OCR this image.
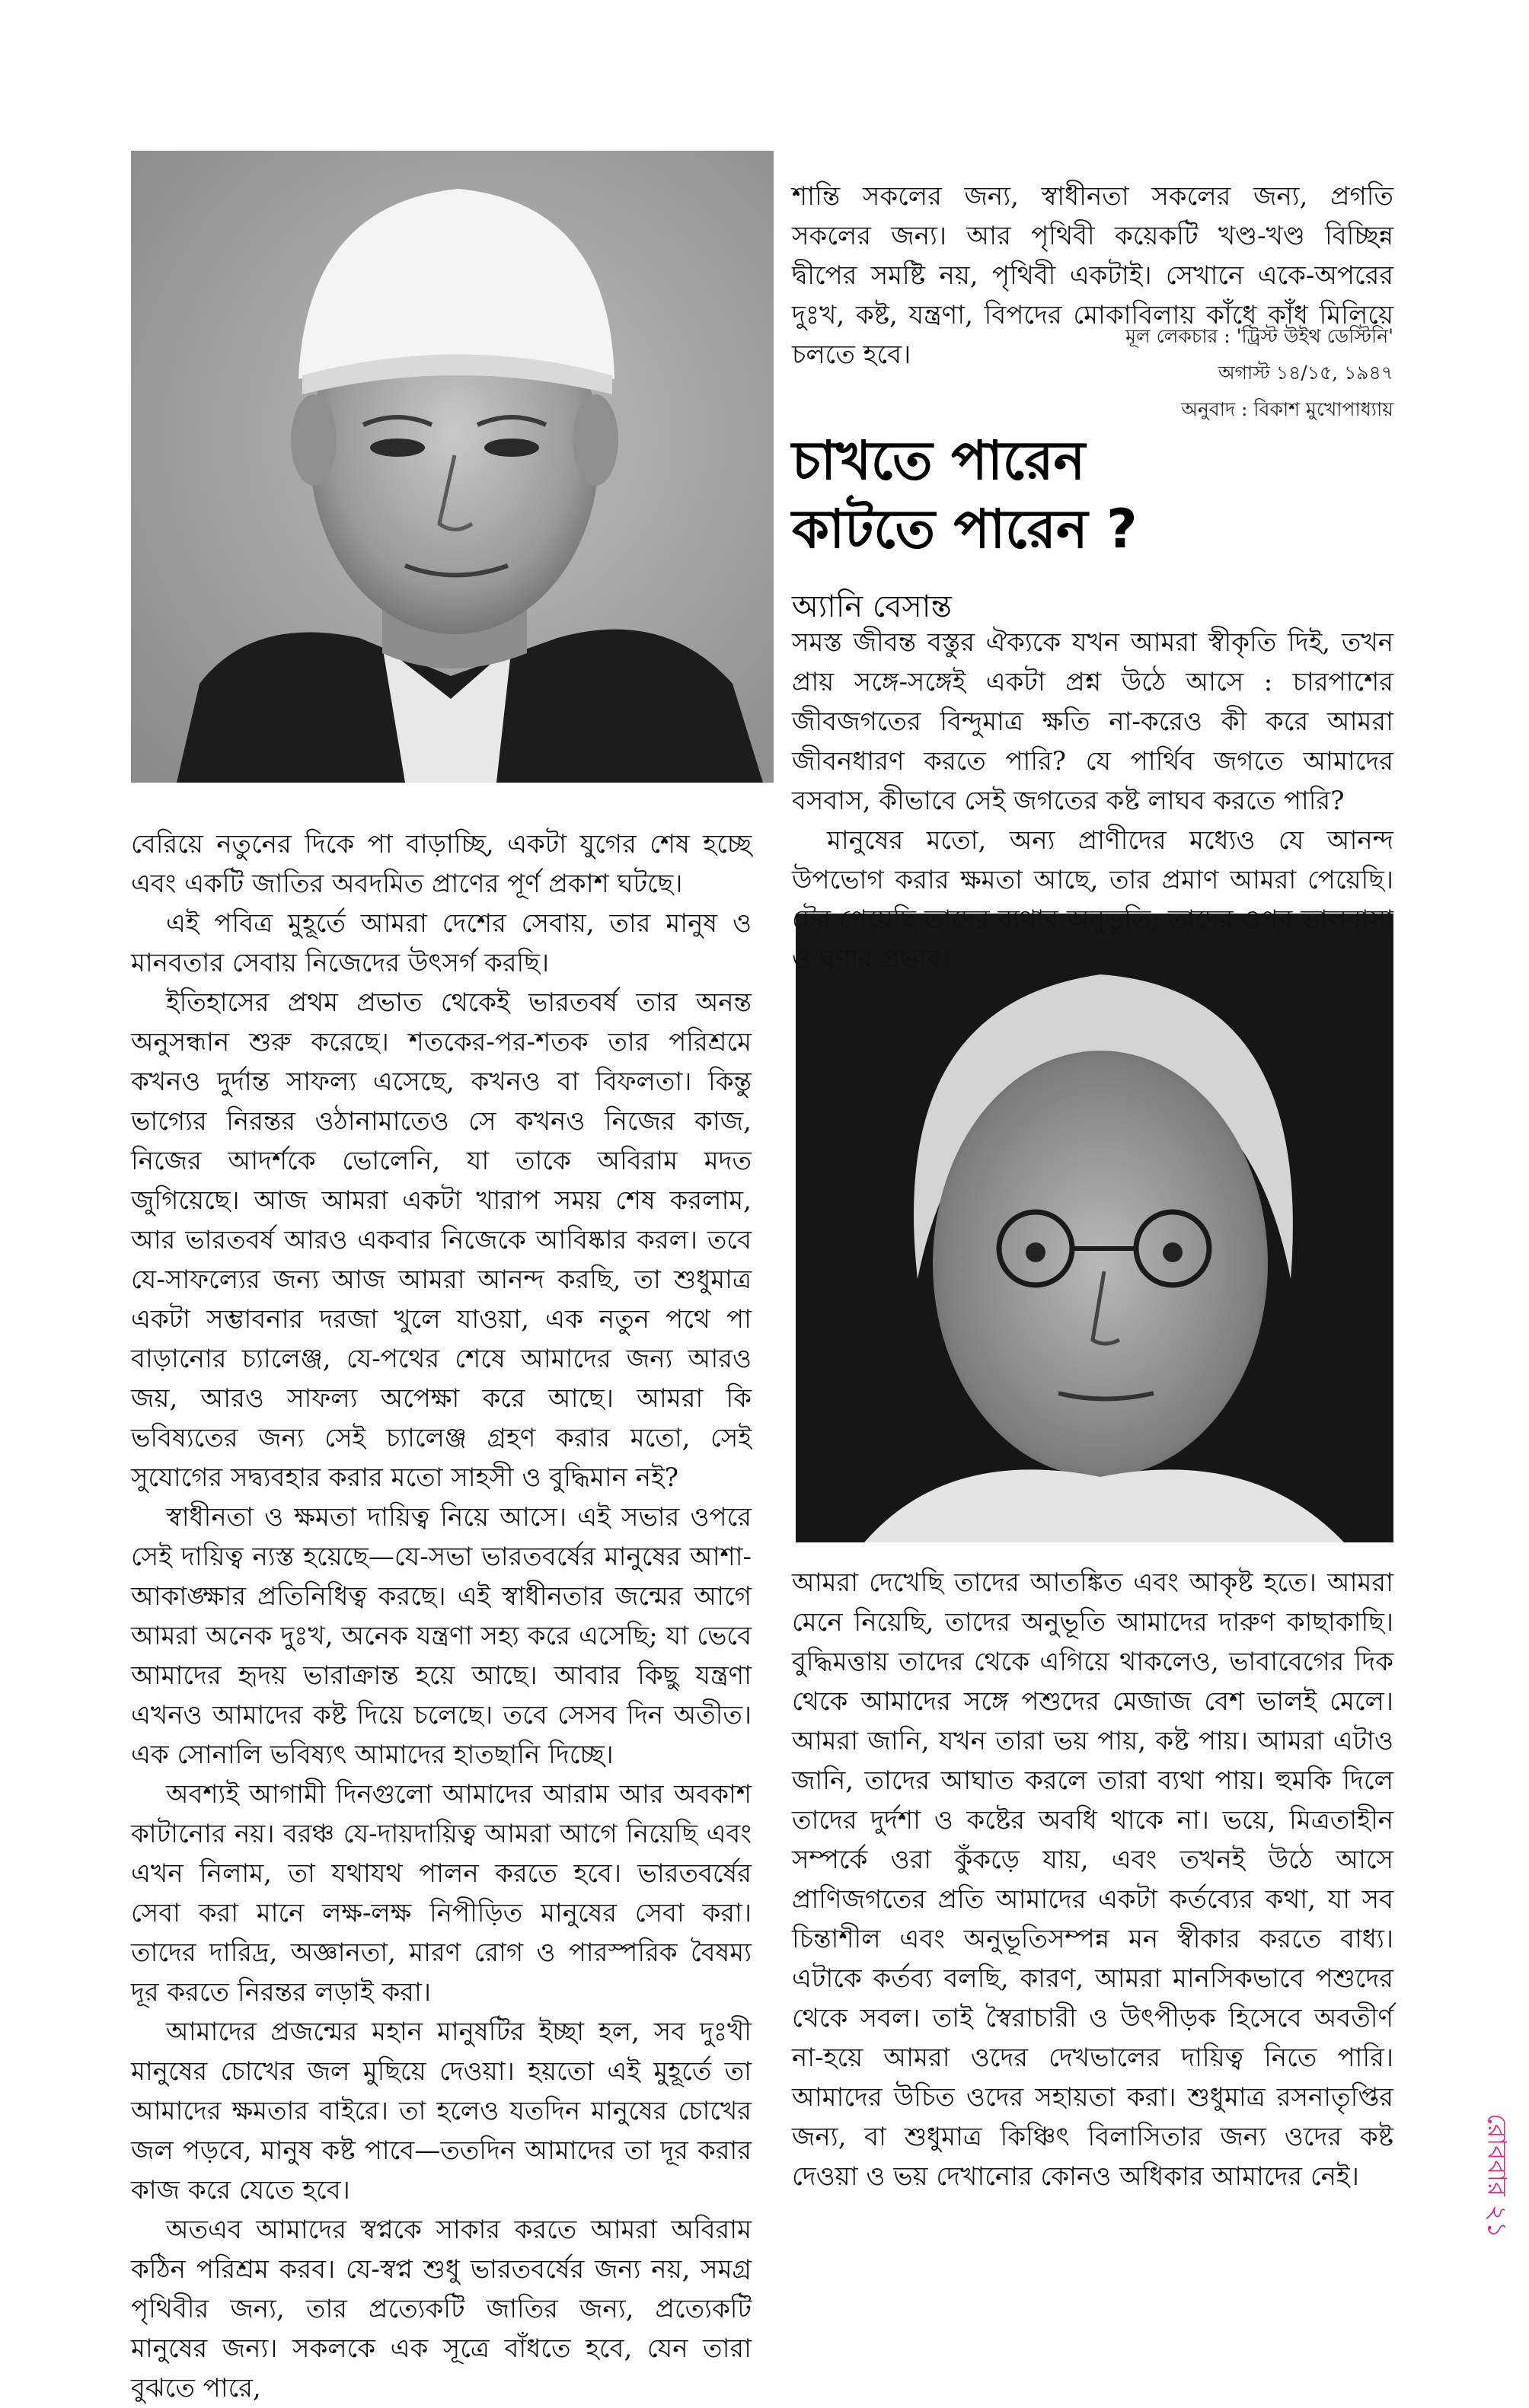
শান্তি সকলের জন্য, স্বাধীনতা সকলের জন্য, প্রগতি সকলের জন্য। আর পৃথিবী কয়েকটি খণ্ড-খণ্ড বিচ্ছিন্ন দ্বীপের সমষ্টি নয়, পৃথিবী একটাই। সেখানে একে-অপরের দুঃখ, কষ্ট, যন্ত্রণা, বিপদের মোকাবিলায় কাঁধে কাঁধ মিলিয়ে চলতে হবে।

মূল লেকচার : 'ট্রিস্ট উইথ ডেস্টিনি'
অগাস্ট ১৪/১৫, ১৯৪৭
অনুবাদ : বিকাশ মুখোপাধ্যায়
চাখতে পারেন
কাটতে পারেন ?
অ্যানি বেসান্ত

সমস্ত জীবন্ত বস্তুর ঐক্যকে যখন আমরা স্বীকৃতি দিই, তখন প্রায় সঙ্গে-সঙ্গেই একটা প্রশ্ন উঠে আসে : চারপাশের জীবজগতের বিন্দুমাত্র ক্ষতি না-করেও কী করে আমরা জীবনধারণ করতে পারি? যে পার্থিব জগতে আমাদের বসবাস, কীভাবে সেই জগতের কষ্ট লাঘব করতে পারি?

মানুষের মতো, অন্য প্রাণীদের মধ্যেও যে আনন্দ উপভোগ করার ক্ষমতা আছে, তার প্রমাণ আমরা পেয়েছি। টের পেয়েছি তাদের ব্যথার অনুভূতি; তাদের ওপর ভালবাসা ও ঘৃণার প্রভাব।

আমরা দেখেছি তাদের আতঙ্কিত এবং আকৃষ্ট হতে। আমরা মেনে নিয়েছি, তাদের অনুভূতি আমাদের দারুণ কাছাকাছি। বুদ্ধিমত্তায় তাদের থেকে এগিয়ে থাকলেও, ভাবাবেগের দিক থেকে আমাদের সঙ্গে পশুদের মেজাজ বেশ ভালই মেলে। আমরা জানি, যখন তারা ভয় পায়, কষ্ট পায়। আমরা এটাও জানি, তাদের আঘাত করলে তারা ব্যথা পায়। হুমকি দিলে তাদের দুর্দশা ও কষ্টের অবধি থাকে না। ভয়ে, মিত্রতাহীন সম্পর্কে ওরা কুঁকড়ে যায়, এবং তখনই উঠে আসে প্রাণিজগতের প্রতি আমাদের একটা কর্তব্যের কথা, যা সব চিন্তাশীল এবং অনুভূতিসম্পন্ন মন স্বীকার করতে বাধ্য। এটাকে কর্তব্য বলছি, কারণ, আমরা মানসিকভাবে পশুদের থেকে সবল। তাই স্বৈরাচারী ও উৎপীড়ক হিসেবে অবতীর্ণ না-হয়ে আমরা ওদের দেখভালের দায়িত্ব নিতে পারি। আমাদের উচিত ওদের সহায়তা করা। শুধুমাত্র রসনাতৃপ্তির জন্য, বা শুধুমাত্র কিঞ্চিৎ বিলাসিতার জন্য ওদের কষ্ট দেওয়া ও ভয় দেখানোর কোনও অধিকার আমাদের নেই।

বেরিয়ে নতুনের দিকে পা বাড়াচ্ছি, একটা যুগের শেষ হচ্ছে এবং একটি জাতির অবদমিত প্রাণের পূর্ণ প্রকাশ ঘটছে।

এই পবিত্র মুহূর্তে আমরা দেশের সেবায়, তার মানুষ ও মানবতার সেবায় নিজেদের উৎসর্গ করছি।

ইতিহাসের প্রথম প্রভাত থেকেই ভারতবর্ষ তার অনন্ত অনুসন্ধান শুরু করেছে। শতকের-পর-শতক তার পরিশ্রমে কখনও দুর্দান্ত সাফল্য এসেছে, কখনও বা বিফলতা। কিন্তু ভাগ্যের নিরন্তর ওঠানামাতেও সে কখনও নিজের কাজ, নিজের আদর্শকে ভোলেনি, যা তাকে অবিরাম মদত জুগিয়েছে। আজ আমরা একটা খারাপ সময় শেষ করলাম, আর ভারতবর্ষ আরও একবার নিজেকে আবিষ্কার করল। তবে যে-সাফল্যের জন্য আজ আমরা আনন্দ করছি, তা শুধুমাত্র একটা সম্ভাবনার দরজা খুলে যাওয়া, এক নতুন পথে পা বাড়ানোর চ্যালেঞ্জ, যে-পথের শেষে আমাদের জন্য আরও জয়, আরও সাফল্য অপেক্ষা করে আছে। আমরা কি ভবিষ্যতের জন্য সেই চ্যালেঞ্জ গ্রহণ করার মতো, সেই সুযোগের সদ্ব্যবহার করার মতো সাহসী ও বুদ্ধিমান নই?

স্বাধীনতা ও ক্ষমতা দায়িত্ব নিয়ে আসে। এই সভার ওপরে সেই দায়িত্ব ন্যস্ত হয়েছে—যে-সভা ভারতবর্ষের মানুষের আশা-আকাঙ্ক্ষার প্রতিনিধিত্ব করছে। এই স্বাধীনতার জন্মের আগে আমরা অনেক দুঃখ, অনেক যন্ত্রণা সহ্য করে এসেছি; যা ভেবে আমাদের হৃদয় ভারাক্রান্ত হয়ে আছে। আবার কিছু যন্ত্রণা এখনও আমাদের কষ্ট দিয়ে চলেছে। তবে সেসব দিন অতীত। এক সোনালি ভবিষ্যৎ আমাদের হাতছানি দিচ্ছে।

অবশ্যই আগামী দিনগুলো আমাদের আরাম আর অবকাশ কাটানোর নয়। বরঞ্চ যে-দায়দায়িত্ব আমরা আগে নিয়েছি এবং এখন নিলাম, তা যথাযথ পালন করতে হবে। ভারতবর্ষের সেবা করা মানে লক্ষ-লক্ষ নিপীড়িত মানুষের সেবা করা। তাদের দারিদ্র, অজ্ঞানতা, মারণ রোগ ও পারস্পরিক বৈষম্য দূর করতে নিরন্তর লড়াই করা।

আমাদের প্রজন্মের মহান মানুষটির ইচ্ছা হল, সব দুঃখী মানুষের চোখের জল মুছিয়ে দেওয়া। হয়তো এই মুহূর্তে তা আমাদের ক্ষমতার বাইরে। তা হলেও যতদিন মানুষের চোখের জল পড়বে, মানুষ কষ্ট পাবে—ততদিন আমাদের তা দূর করার কাজ করে যেতে হবে।

অতএব আমাদের স্বপ্নকে সাকার করতে আমরা অবিরাম কঠিন পরিশ্রম করব। যে-স্বপ্ন শুধু ভারতবর্ষের জন্য নয়, সমগ্র পৃথিবীর জন্য, তার প্রত্যেকটি জাতির জন্য, প্রত্যেকটি মানুষের জন্য। সকলকে এক সূত্রে বাঁধতে হবে, যেন তারা বুঝতে পারে,

রোববার ২১
